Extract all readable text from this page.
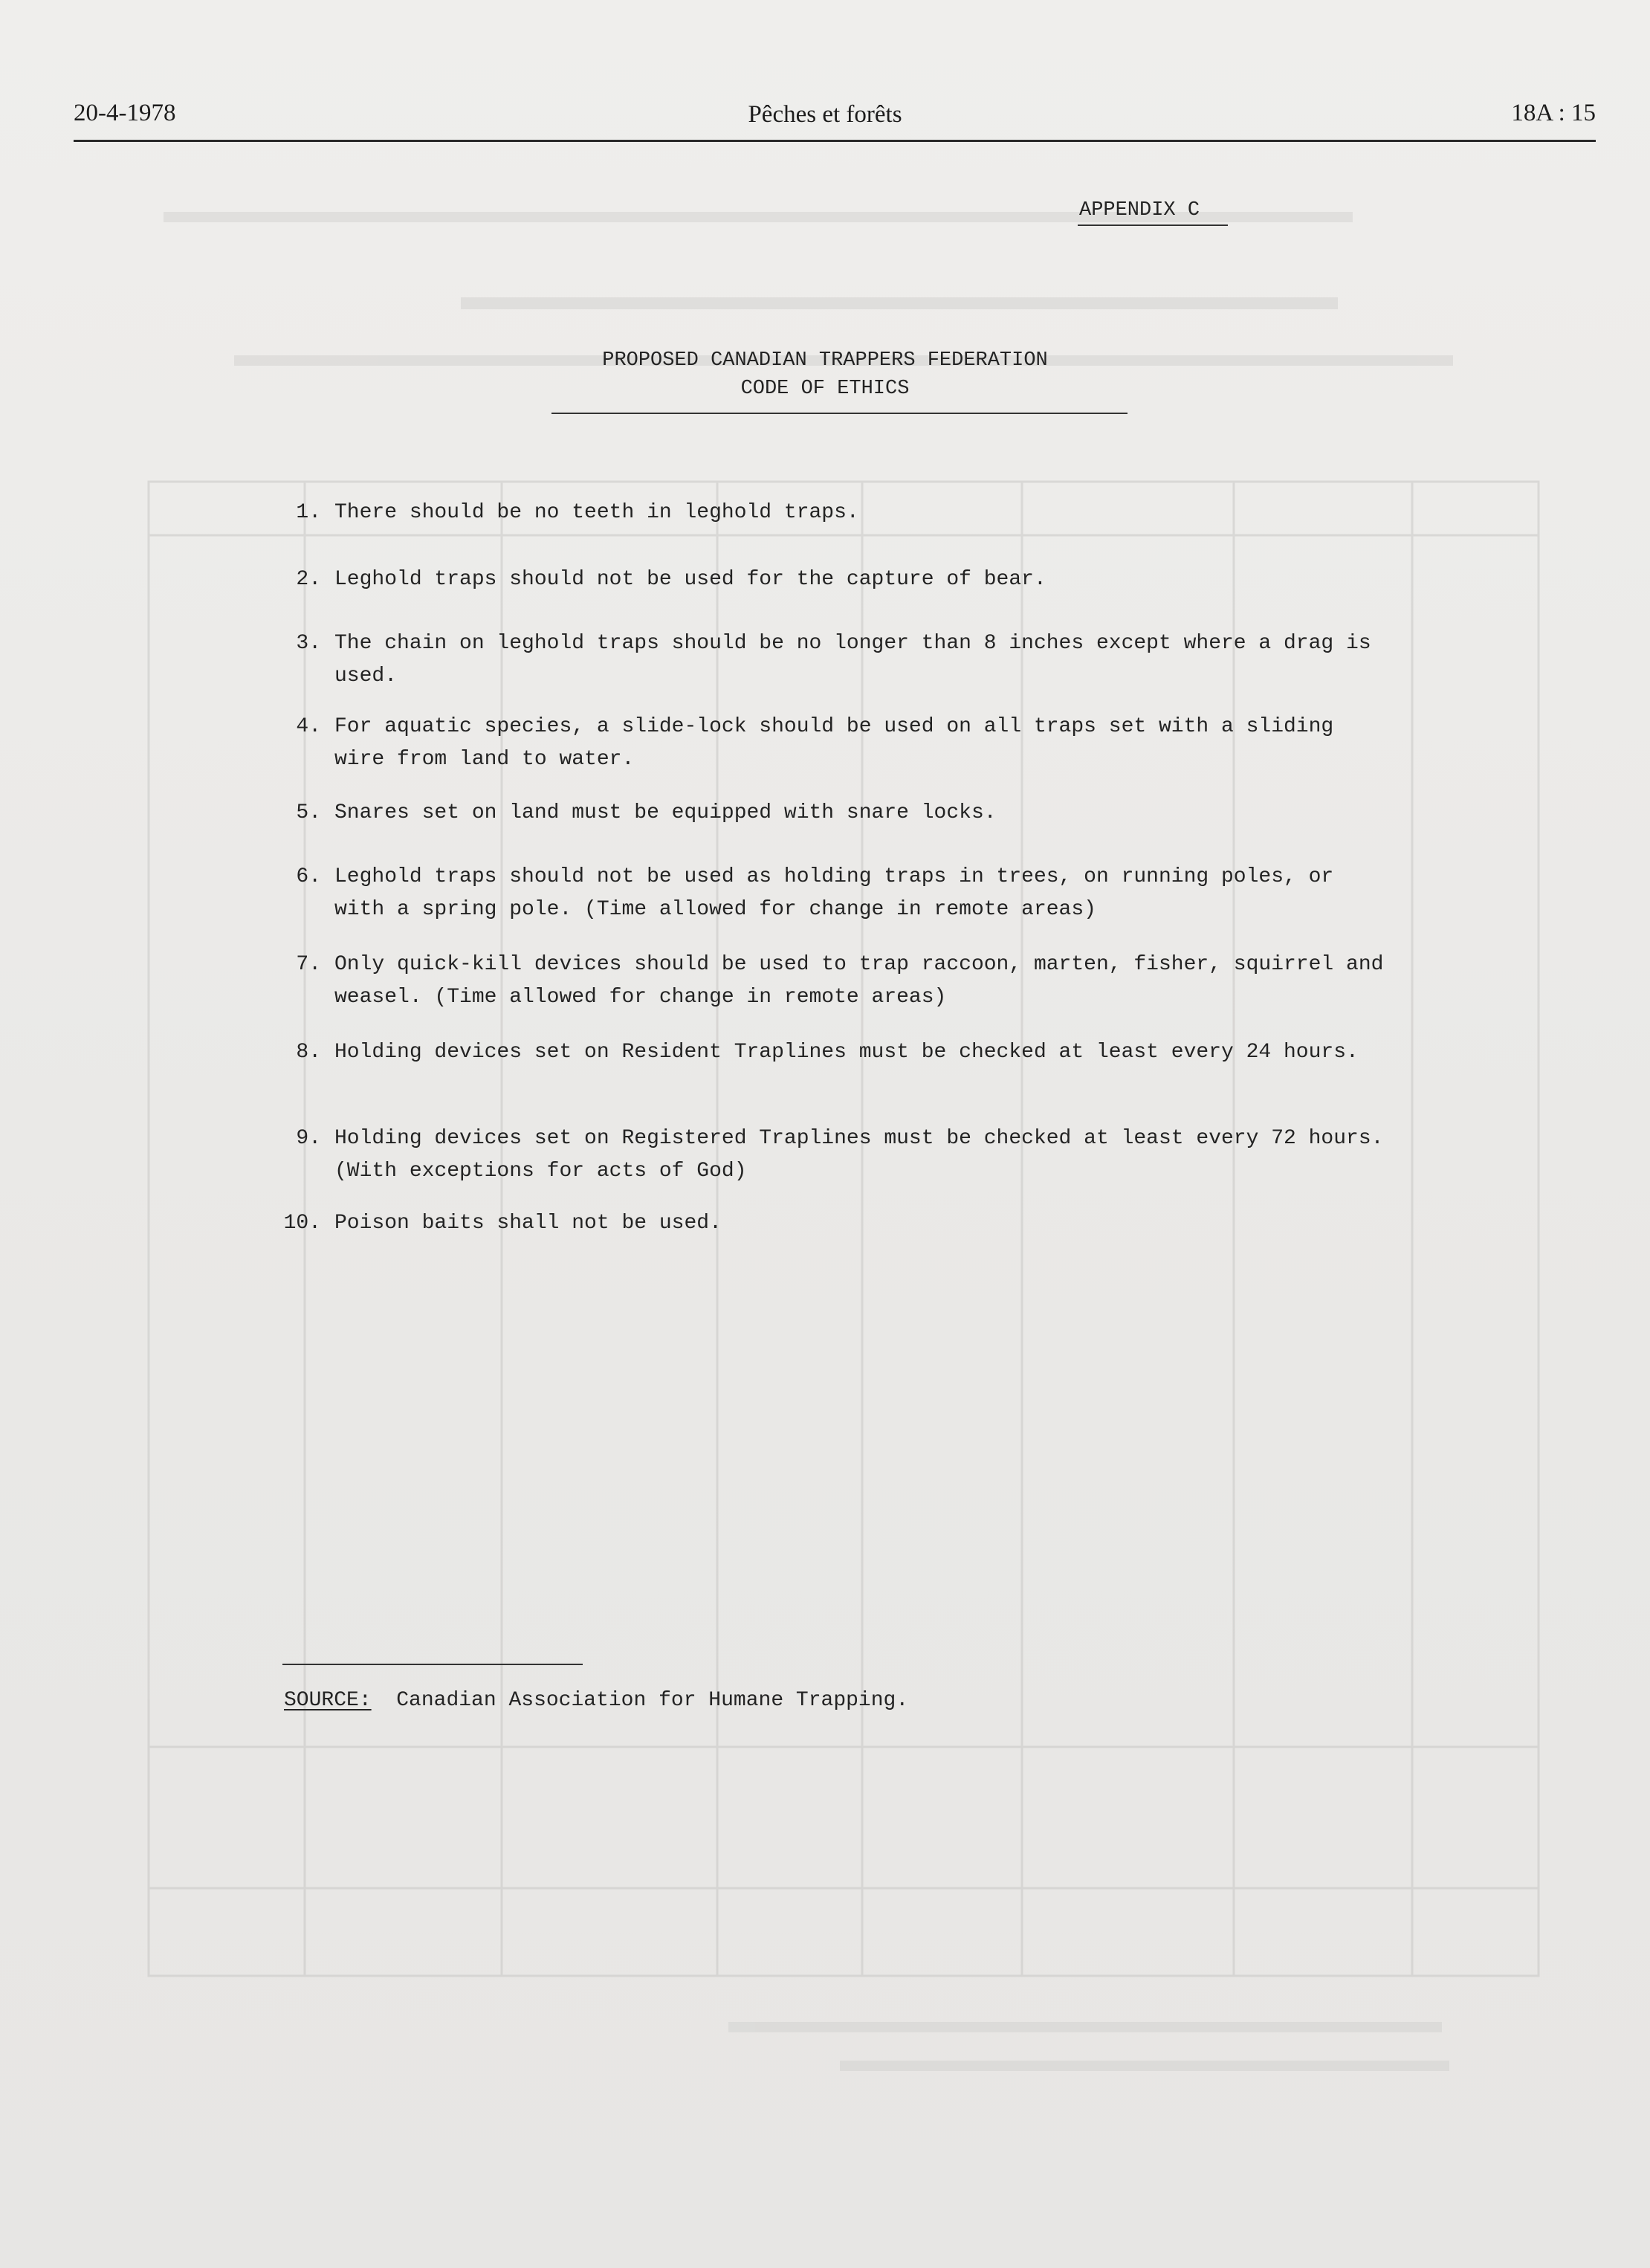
20-4-1978	Pêches et forêts	18A : 15
APPENDIX C
PROPOSED CANADIAN TRAPPERS FEDERATION
CODE OF ETHICS
1. There should be no teeth in leghold traps.
2. Leghold traps should not be used for the capture of bear.
3. The chain on leghold traps should be no longer than 8 inches except where a drag is used.
4. For aquatic species, a slide-lock should be used on all traps set with a sliding wire from land to water.
5. Snares set on land must be equipped with snare locks.
6. Leghold traps should not be used as holding traps in trees, on running poles, or with a spring pole. (Time allowed for change in remote areas)
7. Only quick-kill devices should be used to trap raccoon, marten, fisher, squirrel and weasel. (Time allowed for change in remote areas)
8. Holding devices set on Resident Traplines must be checked at least every 24 hours.
9. Holding devices set on Registered Traplines must be checked at least every 72 hours. (With exceptions for acts of God)
10. Poison baits shall not be used.
SOURCE: Canadian Association for Humane Trapping.
